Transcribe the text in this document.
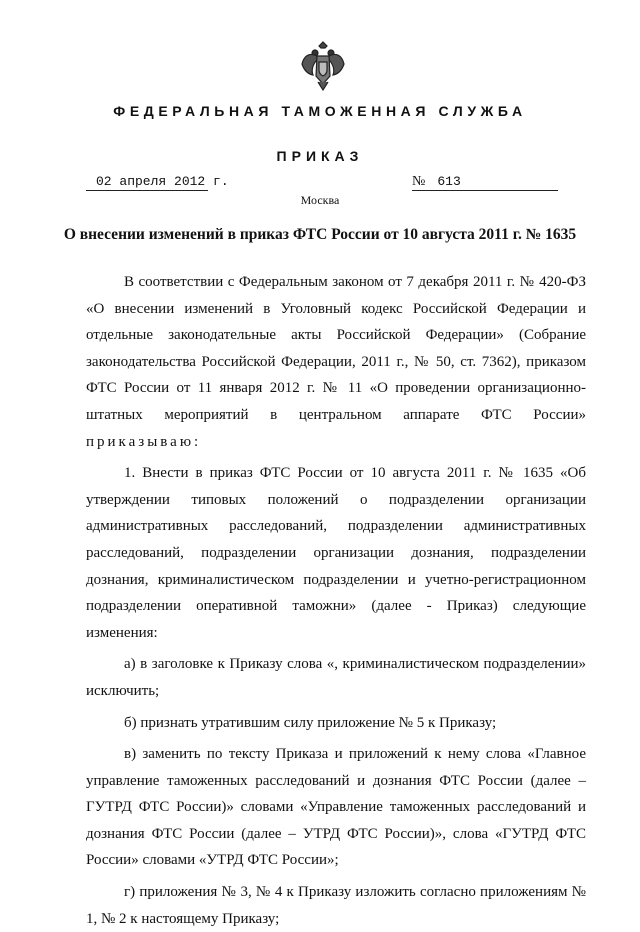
ФЕДЕРАЛЬНАЯ ТАМОЖЕННАЯ СЛУЖБА
ПРИКАЗ
02 апреля 2012 г.	№ 613
Москва
О внесении изменений в приказ ФТС России от 10 августа 2011 г. № 1635

В соответствии с Федеральным законом от 7 декабря 2011 г. № 420-ФЗ «О внесении изменений в Уголовный кодекс Российской Федерации и отдельные законодательные акты Российской Федерации» (Собрание законодательства Российской Федерации, 2011 г., № 50, ст. 7362), приказом ФТС России от 11 января 2012 г. № 11 «О проведении организационно-штатных мероприятий в центральном аппарате ФТС России» приказываю:

1. Внести в приказ ФТС России от 10 августа 2011 г. № 1635 «Об утверждении типовых положений о подразделении организации административных расследований, подразделении административных расследований, подразделении организации дознания, подразделении дознания, криминалистическом подразделении и учетно-регистрационном подразделении оперативной таможни» (далее - Приказ) следующие изменения:

а) в заголовке к Приказу слова «, криминалистическом подразделении» исключить;

б) признать утратившим силу приложение № 5 к Приказу;

в) заменить по тексту Приказа и приложений к нему слова «Главное управление таможенных расследований и дознания ФТС России (далее – ГУТРД ФТС России)» словами «Управление таможенных расследований и дознания ФТС России (далее – УТРД ФТС России)», слова «ГУТРД ФТС России» словами «УТРД ФТС России»;

г) приложения № 3, № 4 к Приказу изложить согласно приложениям № 1, № 2 к настоящему Приказу;
